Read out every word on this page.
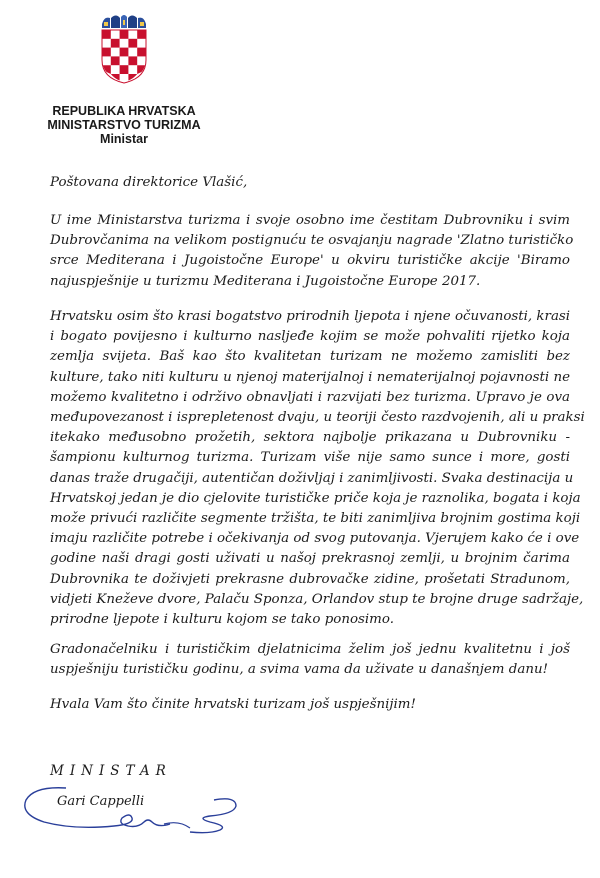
REPUBLIKA HRVATSKA
MINISTARSTVO TURIZMA
Ministar
Poštovana direktorice Vlašić,

U ime Ministarstva turizma i svoje osobno ime čestitam Dubrovniku i svim
Dubrovčanima na velikom postignuću te osvajanju nagrade 'Zlatno turističko
srce Mediterana i Jugoistočne Europe' u okviru turističke akcije 'Biramo
najuspješnije u turizmu Mediterana i Jugoistočne Europe 2017.

Hrvatsku osim što krasi bogatstvo prirodnih ljepota i njene očuvanosti, krasi
i bogato povijesno i kulturno nasljeđe kojim se može pohvaliti rijetko koja
zemlja svijeta. Baš kao što kvalitetan turizam ne možemo zamisliti bez
kulture, tako niti kulturu u njenoj materijalnoj i nematerijalnoj pojavnosti ne
možemo kvalitetno i održivo obnavljati i razvijati bez turizma. Upravo je ova
međupovezanost i isprepletenost dvaju, u teoriji često razdvojenih, ali u praksi
itekako međusobno prožetih, sektora najbolje prikazana u Dubrovniku -
šampionu kulturnog turizma. Turizam više nije samo sunce i more, gosti
danas traže drugačiji, autentičan doživljaj i zanimljivosti. Svaka destinacija u
Hrvatskoj jedan je dio cjelovite turističke priče koja je raznolika, bogata i koja
može privući različite segmente tržišta, te biti zanimljiva brojnim gostima koji
imaju različite potrebe i očekivanja od svog putovanja. Vjerujem kako će i ove
godine naši dragi gosti uživati u našoj prekrasnoj zemlji, u brojnim čarima
Dubrovnika te doživjeti prekrasne dubrovačke zidine, prošetati Stradunom,
vidjeti Kneževe dvore, Palaču Sponza, Orlandov stup te brojne druge sadržaje,
prirodne ljepote i kulturu kojom se tako ponosimo.

Gradonačelniku i turističkim djelatnicima želim još jednu kvalitetnu i još
uspješniju turističku godinu, a svima vama da uživate u današnjem danu!

Hvala Vam što činite hrvatski turizam još uspješnijim!

MINISTAR
Gari Cappelli
